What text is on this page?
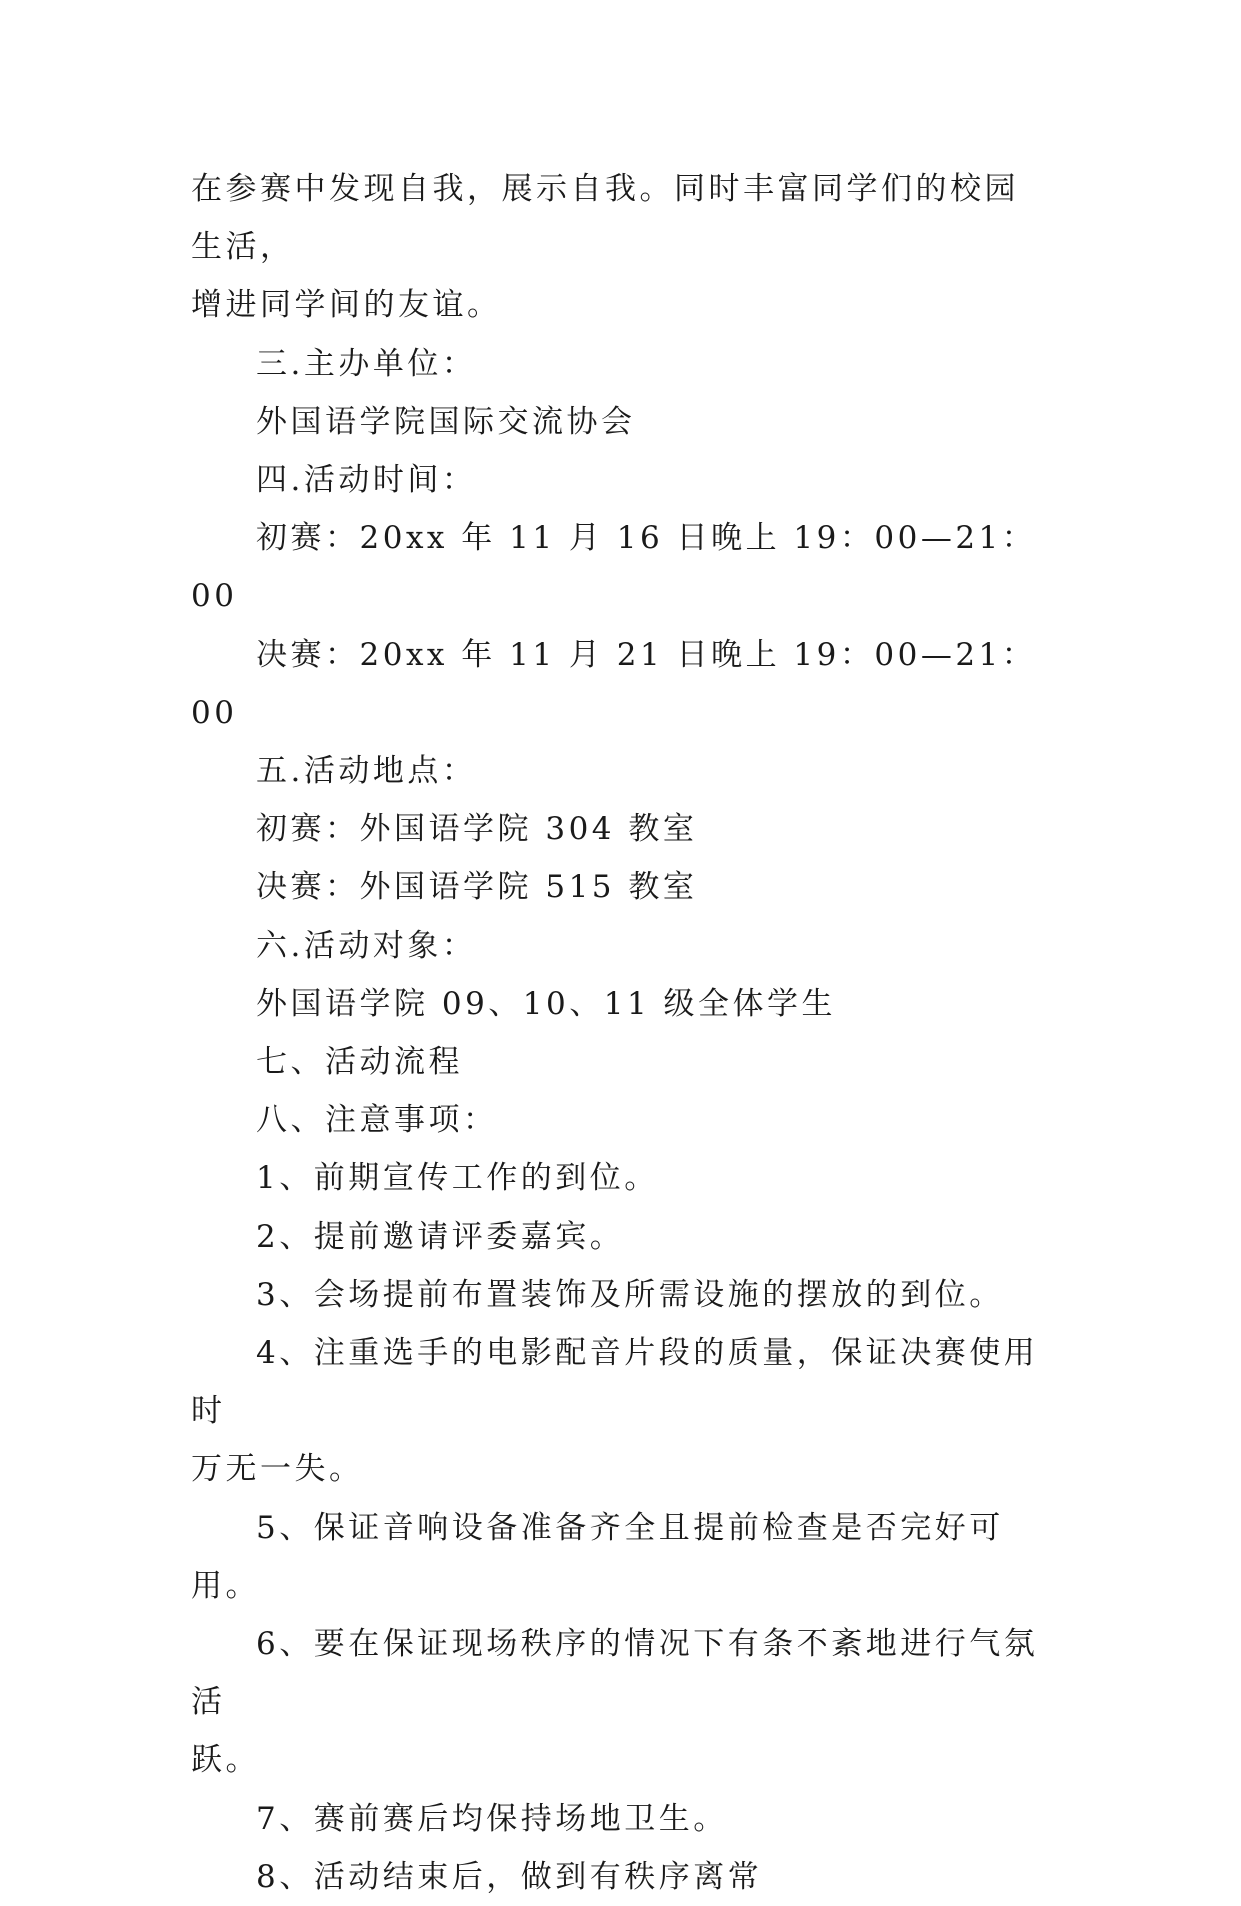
在参赛中发现自我，展示自我。同时丰富同学们的校园生活，

增进同学间的友谊。

三.主办单位：

外国语学院国际交流协会

四.活动时间：

初赛：20xx 年 11 月 16 日晚上 19：00—21：00

决赛：20xx 年 11 月 21 日晚上 19：00—21：00

五.活动地点：

初赛：外国语学院 304 教室

决赛：外国语学院 515 教室

六.活动对象：

外国语学院 09、10、11 级全体学生

七、活动流程

八、注意事项：

1、前期宣传工作的到位。

2、提前邀请评委嘉宾。

3、会场提前布置装饰及所需设施的摆放的到位。

4、注重选手的电影配音片段的质量，保证决赛使用时

万无一失。

5、保证音响设备准备齐全且提前检查是否完好可用。

6、要在保证现场秩序的情况下有条不紊地进行气氛活

跃。

7、赛前赛后均保持场地卫生。

8、活动结束后，做到有秩序离常
